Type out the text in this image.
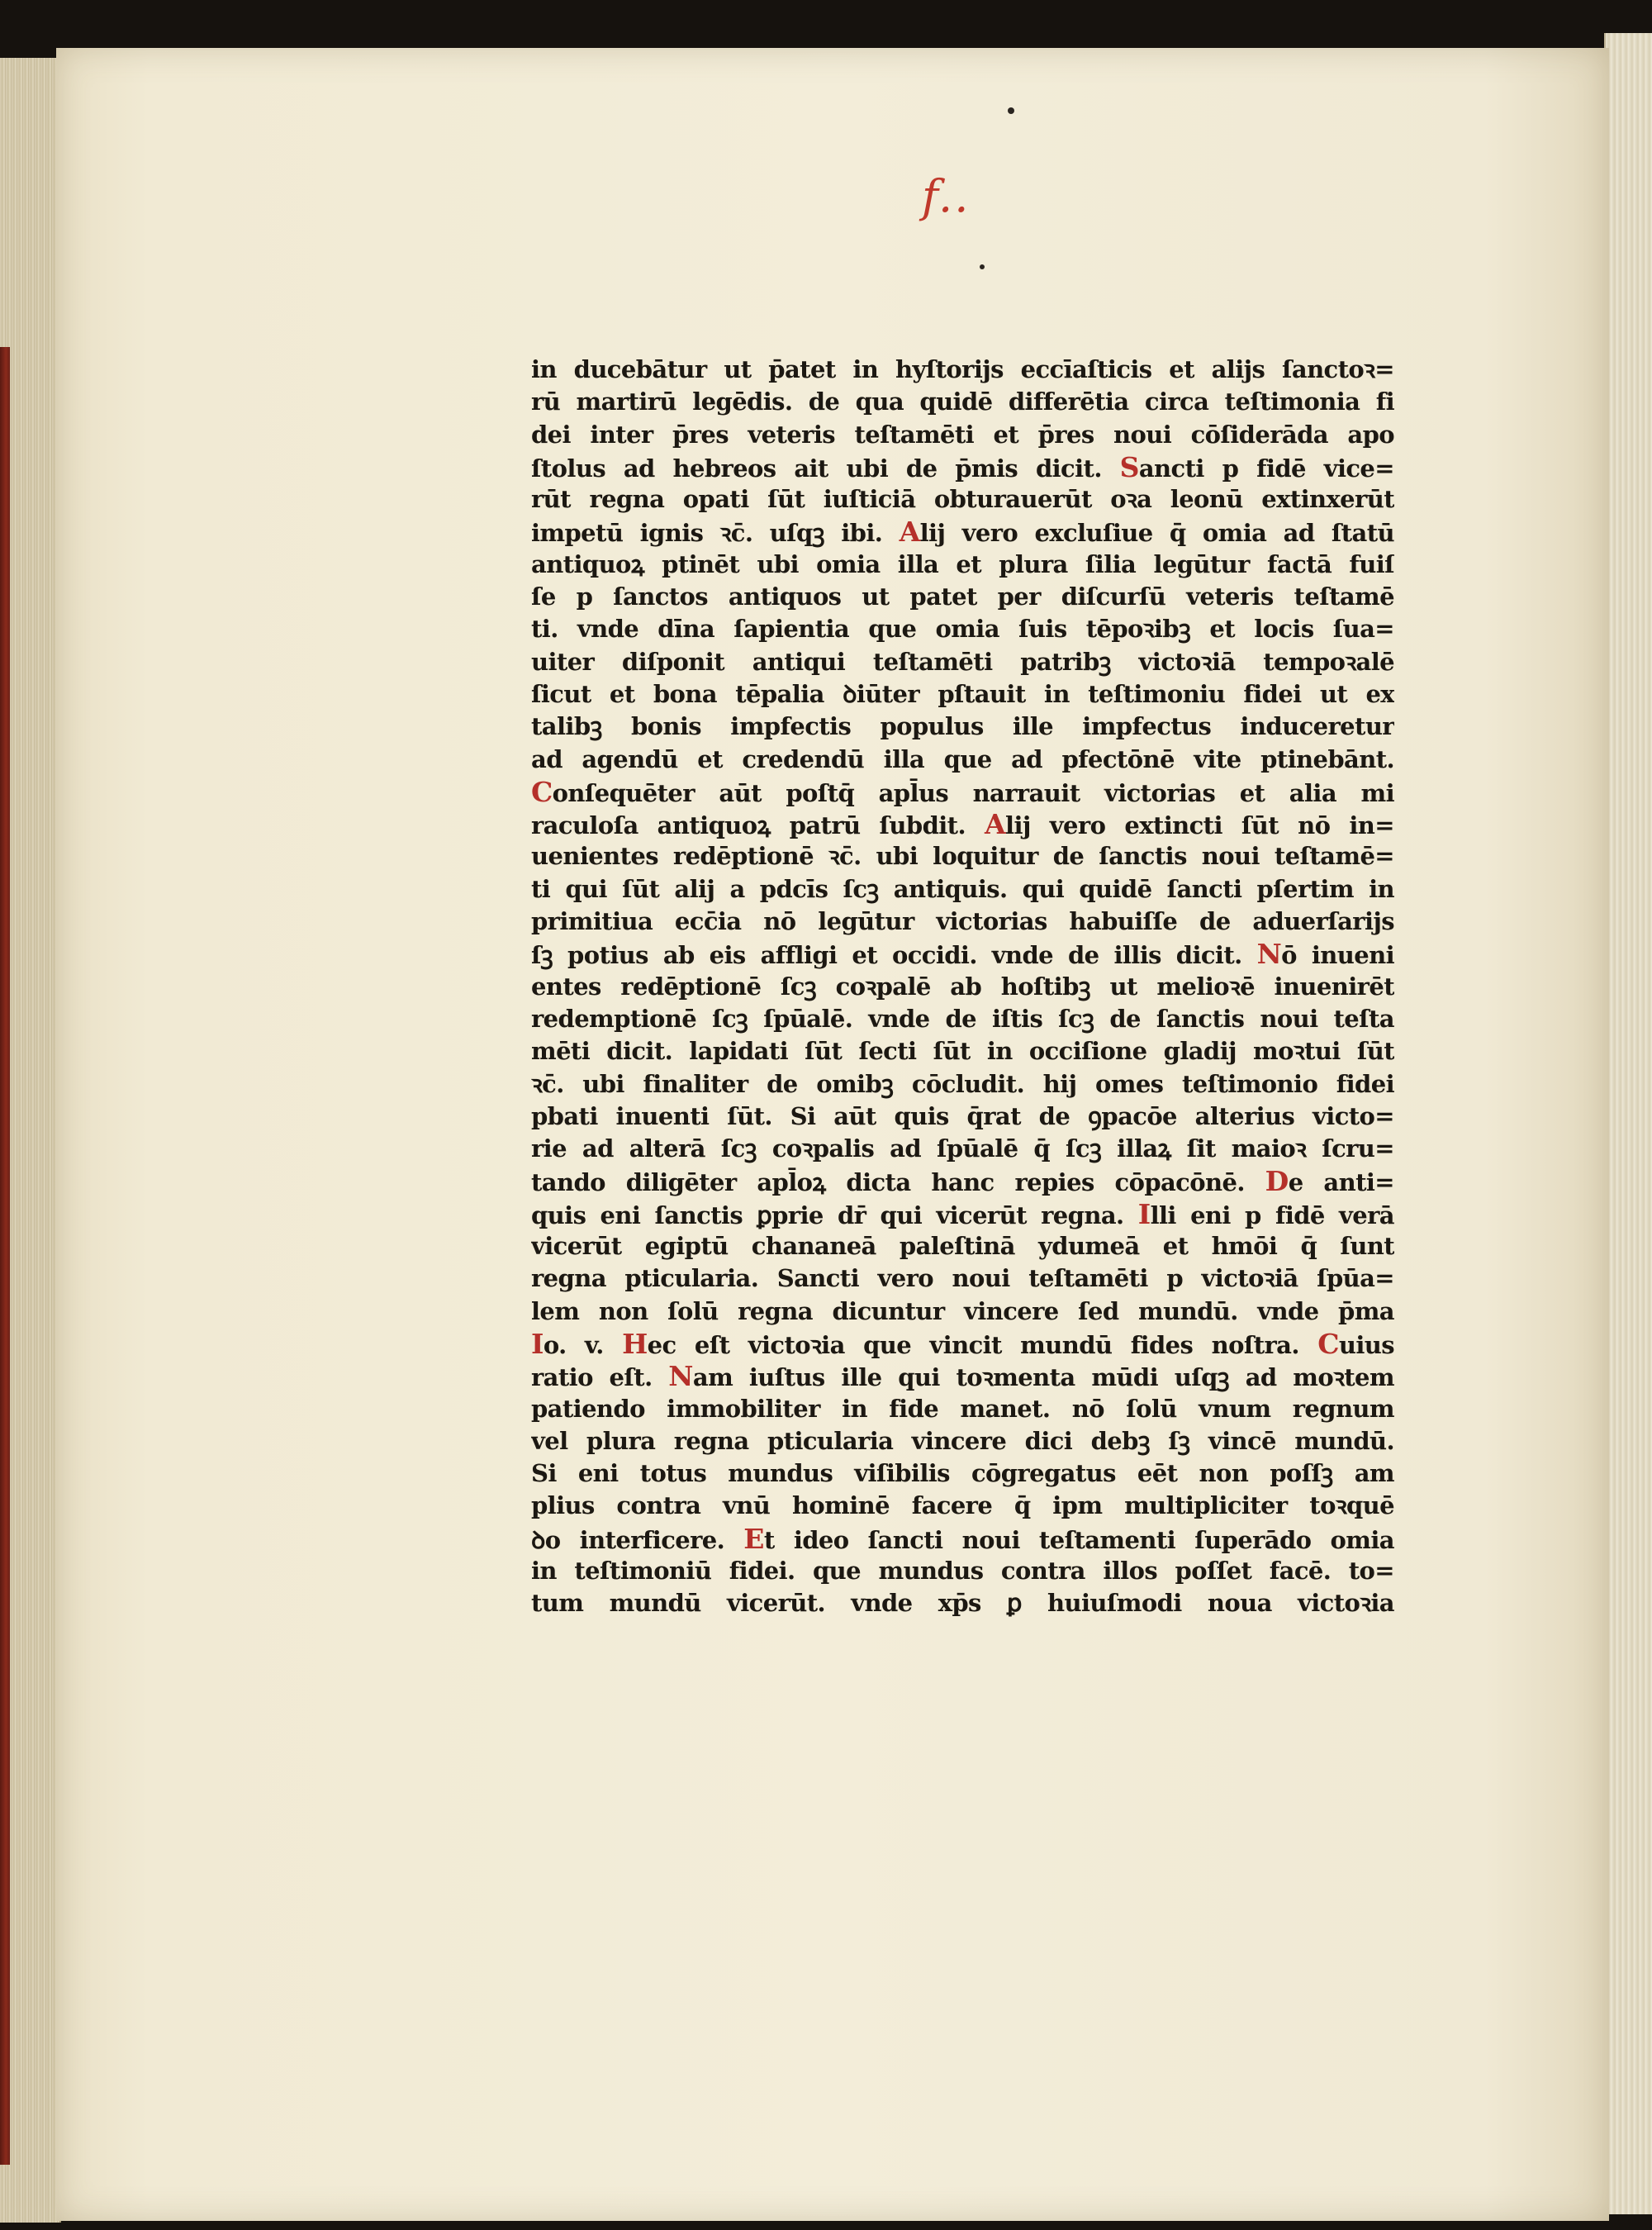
f..
in ducebātur ut p̄atet in hyſtorijs eccīaſticis et alijs ſanctoꝛ=
rū martirū legēdis. de qua quidē differētia circa teſtimonia fi
dei inter p̄res veteris teſtamēti et p̄res noui cōſiderāda apo
ſtolus ad hebreos ait ubi de p̄mis dicit. Sancti p fidē vice=
rūt regna opati ſūt iuſticiā obturauerūt oꝛa leonū extinxerūt
impetū ignis ꝛc̄. uſqꝫ ibi. Alij vero excluſiue q̄ omia ad ſtatū
antiquoꝝ ptinēt ubi omia illa et plura ſilia legūtur factā fuiſ
ſe p ſanctos antiquos ut patet per diſcurſū veteris teſtamē
ti. vnde dīna ſapientia que omia ſuis tēpoꝛibꝫ et locis ſua=
uiter diſponit antiqui teſtamēti patribꝫ victoꝛiā tempoꝛalē
ſicut et bona tēpalia ꝺiūter pſtauit in teſtimoniu fidei ut ex
talibꝫ bonis impfectis populus ille impfectus inducеretur
ad agendū et credendū illa que ad pfectōnē vite ptinebānt.
Conſequēter aūt poſtq̄ apl̄us narrauit victorias et alia mi
raculoſa antiquoꝝ patrū ſubdit. Alij vero extincti ſūt nō in=
uenientes redēptionē ꝛc̄. ubi loquitur de ſanctis noui teſtamē=
ti qui ſūt alij a pdcīs ſcꝫ antiquis. qui quidē ſancti pſertim in
primitiua ecc̄ia nō legūtur victorias habuiſſe de aduerſarijs
ſꝫ potius ab eis affligi et occidi. vnde de illis dicit. Nō inueni
entes redēptionē ſcꝫ coꝛpalē ab hoſtibꝫ ut melioꝛē inuenirēt
redemptionē ſcꝫ ſpūalē. vnde de iſtis ſcꝫ de ſanctis noui teſta
mēti dicit. lapidati ſūt ſecti ſūt in occiſione gladij moꝛtui ſūt
ꝛc̄. ubi finaliter de omibꝫ cōcludit. hij omes teſtimonio fidei
pbati inuenti ſūt. Si aūt quis q̄rat de ꝯpacōe alterius victo=
rie ad alterā ſcꝫ coꝛpalis ad ſpūalē q̄ ſcꝫ illaꝝ ſit maioꝛ ſcru=
tando diligēter apl̄oꝝ dicta hanc repies cōpacōnē. De anti=
quis eni ſanctis ꝑprie dr̄ qui vicerūt regna. Illi eni p fidē verā
vicerūt egiptū chananeā paleſtinā ydumeā et hmōi q̄ ſunt
regna pticularia. Sancti vero noui teſtamēti p victoꝛiā ſpūa=
lem non ſolū regna dicuntur vincere ſed mundū. vnde p̄ma
Io. v. Hec eſt victoꝛia que vincit mundū fides noſtra. Cuius
ratio eſt. Nam iuſtus ille qui toꝛmenta mūdi uſqꝫ ad moꝛtem
patiendo immobiliter in fide manet. nō ſolū vnum regnum
vel plura regna pticularia vincere dici debꝫ ſꝫ vincē mundū.
Si eni totus mundus viſibilis cōgregatus eēt non poſſꝫ am
plius contra vnū hominē facere q̄ ipm multipliciter toꝛquē
ꝺo interficere. Et ideo ſancti noui teſtamenti ſuperādo omia
in teſtimoniū fidei. que mundus contra illos poſſet facē. to=
tum mundū vicerūt. vnde xp̄s ꝑ huiuſmodi noua victoꝛia
